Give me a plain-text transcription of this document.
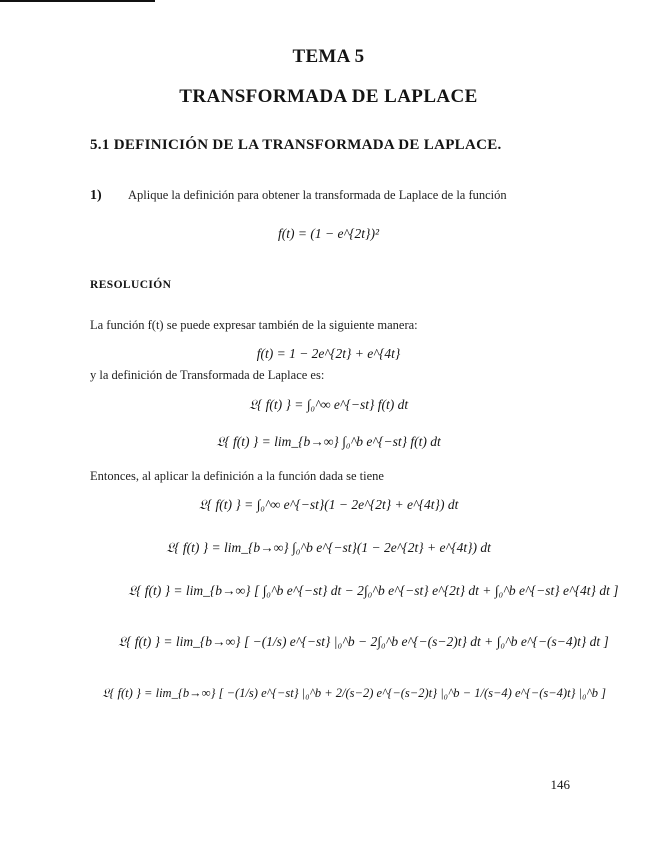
TEMA 5
TRANSFORMADA DE LAPLACE
5.1 DEFINICIÓN DE LA TRANSFORMADA DE LAPLACE.
1) Aplique la definición para obtener la transformada de Laplace de la función
f(t) = (1 − e^{2t})²
RESOLUCIÓN
La función f(t) se puede expresar también de la siguiente manera:
f(t) = 1 − 2e^{2t} + e^{4t}
y la definición de Transformada de Laplace es:
𝔏{ f(t) } = ∫₀^∞ e^{−st} f(t) dt
𝔏{ f(t) } = lim_{b→∞} ∫₀^b e^{−st} f(t) dt
Entonces, al aplicar la definición a la función dada se tiene
𝔏{ f(t) } = ∫₀^∞ e^{−st}(1 − 2e^{2t} + e^{4t}) dt
𝔏{ f(t) } = lim_{b→∞} ∫₀^b e^{−st}(1 − 2e^{2t} + e^{4t}) dt
𝔏{ f(t) } = lim_{b→∞} [ ∫₀^b e^{−st} dt − 2∫₀^b e^{−st} e^{2t} dt + ∫₀^b e^{−st} e^{4t} dt ]
𝔏{ f(t) } = lim_{b→∞} [ −(1/s) e^{−st} |₀^b − 2∫₀^b e^{−(s−2)t} dt + ∫₀^b e^{−(s−4)t} dt ]
𝔏{ f(t) } = lim_{b→∞} [ −(1/s) e^{−st} |₀^b + 2/(s−2) e^{−(s−2)t} |₀^b − 1/(s−4) e^{−(s−4)t} |₀^b ]
146
